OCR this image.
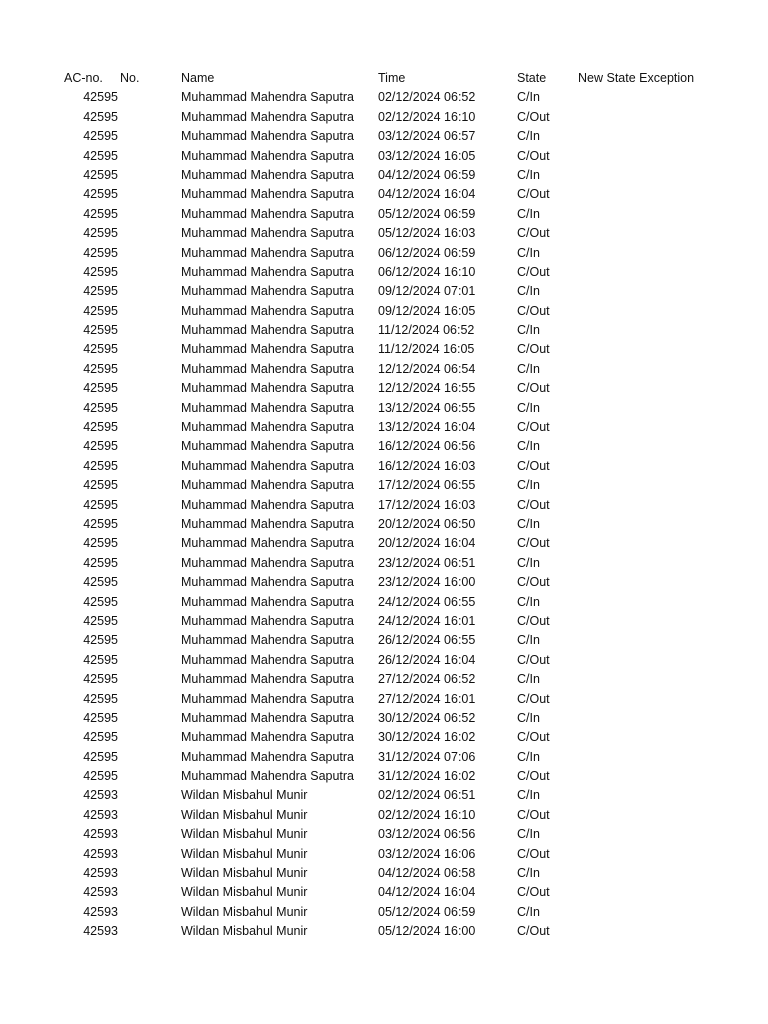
AC-no. No.	Name	Time	State	New State Exception
42595	Muhammad Mahendra Saputra	02/12/2024 06:52	C/In
42595	Muhammad Mahendra Saputra	02/12/2024 16:10	C/Out
42595	Muhammad Mahendra Saputra	03/12/2024 06:57	C/In
42595	Muhammad Mahendra Saputra	03/12/2024 16:05	C/Out
42595	Muhammad Mahendra Saputra	04/12/2024 06:59	C/In
42595	Muhammad Mahendra Saputra	04/12/2024 16:04	C/Out
42595	Muhammad Mahendra Saputra	05/12/2024 06:59	C/In
42595	Muhammad Mahendra Saputra	05/12/2024 16:03	C/Out
42595	Muhammad Mahendra Saputra	06/12/2024 06:59	C/In
42595	Muhammad Mahendra Saputra	06/12/2024 16:10	C/Out
42595	Muhammad Mahendra Saputra	09/12/2024 07:01	C/In
42595	Muhammad Mahendra Saputra	09/12/2024 16:05	C/Out
42595	Muhammad Mahendra Saputra	11/12/2024 06:52	C/In
42595	Muhammad Mahendra Saputra	11/12/2024 16:05	C/Out
42595	Muhammad Mahendra Saputra	12/12/2024 06:54	C/In
42595	Muhammad Mahendra Saputra	12/12/2024 16:55	C/Out
42595	Muhammad Mahendra Saputra	13/12/2024 06:55	C/In
42595	Muhammad Mahendra Saputra	13/12/2024 16:04	C/Out
42595	Muhammad Mahendra Saputra	16/12/2024 06:56	C/In
42595	Muhammad Mahendra Saputra	16/12/2024 16:03	C/Out
42595	Muhammad Mahendra Saputra	17/12/2024 06:55	C/In
42595	Muhammad Mahendra Saputra	17/12/2024 16:03	C/Out
42595	Muhammad Mahendra Saputra	20/12/2024 06:50	C/In
42595	Muhammad Mahendra Saputra	20/12/2024 16:04	C/Out
42595	Muhammad Mahendra Saputra	23/12/2024 06:51	C/In
42595	Muhammad Mahendra Saputra	23/12/2024 16:00	C/Out
42595	Muhammad Mahendra Saputra	24/12/2024 06:55	C/In
42595	Muhammad Mahendra Saputra	24/12/2024 16:01	C/Out
42595	Muhammad Mahendra Saputra	26/12/2024 06:55	C/In
42595	Muhammad Mahendra Saputra	26/12/2024 16:04	C/Out
42595	Muhammad Mahendra Saputra	27/12/2024 06:52	C/In
42595	Muhammad Mahendra Saputra	27/12/2024 16:01	C/Out
42595	Muhammad Mahendra Saputra	30/12/2024 06:52	C/In
42595	Muhammad Mahendra Saputra	30/12/2024 16:02	C/Out
42595	Muhammad Mahendra Saputra	31/12/2024 07:06	C/In
42595	Muhammad Mahendra Saputra	31/12/2024 16:02	C/Out
42593	Wildan Misbahul Munir	02/12/2024 06:51	C/In
42593	Wildan Misbahul Munir	02/12/2024 16:10	C/Out
42593	Wildan Misbahul Munir	03/12/2024 06:56	C/In
42593	Wildan Misbahul Munir	03/12/2024 16:06	C/Out
42593	Wildan Misbahul Munir	04/12/2024 06:58	C/In
42593	Wildan Misbahul Munir	04/12/2024 16:04	C/Out
42593	Wildan Misbahul Munir	05/12/2024 06:59	C/In
42593	Wildan Misbahul Munir	05/12/2024 16:00	C/Out
